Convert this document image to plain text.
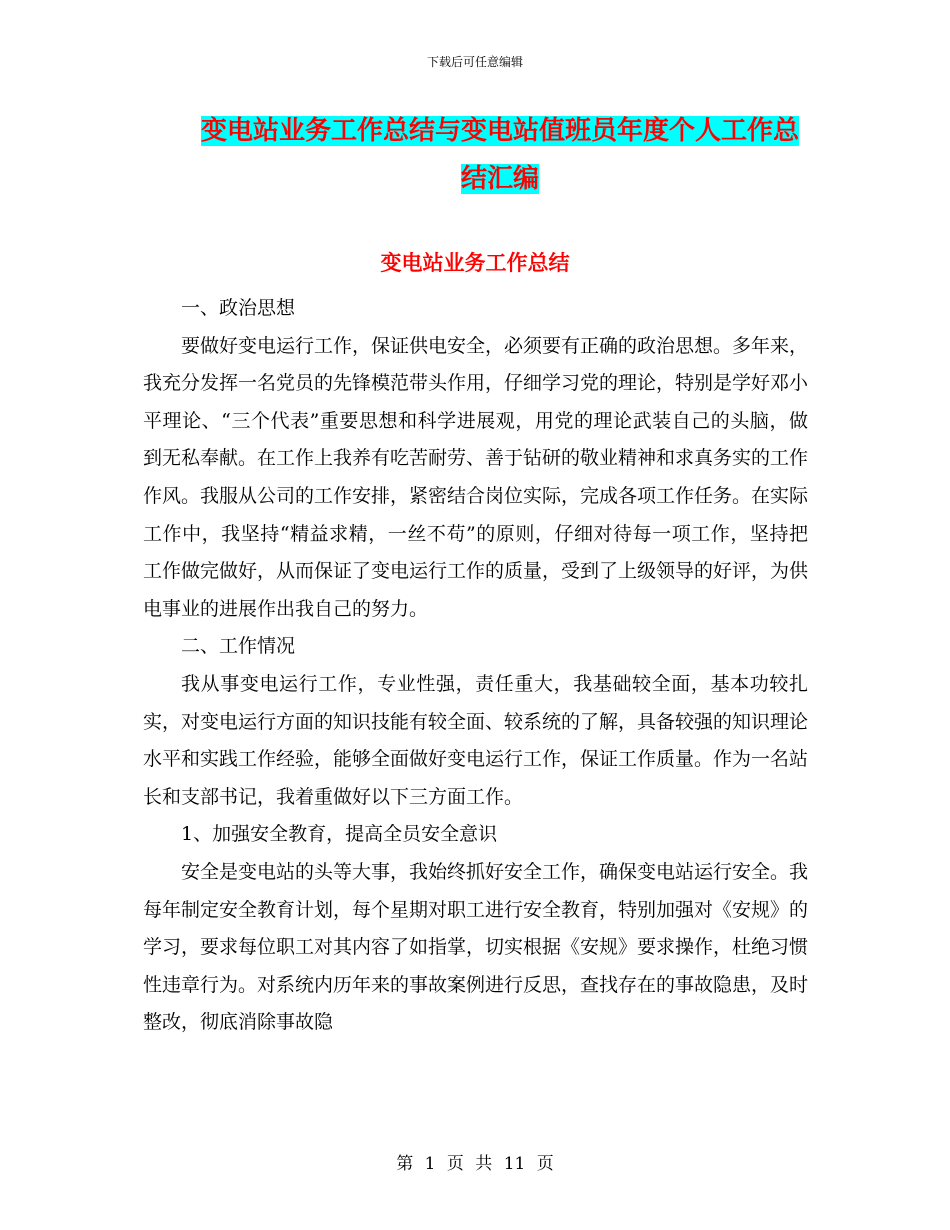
下载后可任意编辑
变电站业务工作总结与变电站值班员年度个人工作总
结汇编
变电站业务工作总结

一、政治思想

要做好变电运行工作，保证供电安全，必须要有正确的政治思想。多年来，我充分发挥一名党员的先锋模范带头作用，仔细学习党的理论，特别是学好邓小平理论、“三个代表”重要思想和科学进展观，用党的理论武装自己的头脑，做到无私奉献。在工作上我养有吃苦耐劳、善于钻研的敬业精神和求真务实的工作作风。我服从公司的工作安排，紧密结合岗位实际，完成各项工作任务。在实际工作中，我坚持“精益求精，一丝不苟”的原则，仔细对待每一项工作，坚持把工作做完做好，从而保证了变电运行工作的质量，受到了上级领导的好评，为供电事业的进展作出我自己的努力。

二、工作情况

我从事变电运行工作，专业性强，责任重大，我基础较全面，基本功较扎实，对变电运行方面的知识技能有较全面、较系统的了解，具备较强的知识理论水平和实践工作经验，能够全面做好变电运行工作，保证工作质量。作为一名站长和支部书记，我着重做好以下三方面工作。

1、加强安全教育，提高全员安全意识

安全是变电站的头等大事，我始终抓好安全工作，确保变电站运行安全。我每年制定安全教育计划，每个星期对职工进行安全教育，特别加强对《安规》的学习，要求每位职工对其内容了如指掌，切实根据《安规》要求操作，杜绝习惯性违章行为。对系统内历年来的事故案例进行反思，查找存在的事故隐患，及时整改，彻底消除事故隐

第 1 页 共 11 页
